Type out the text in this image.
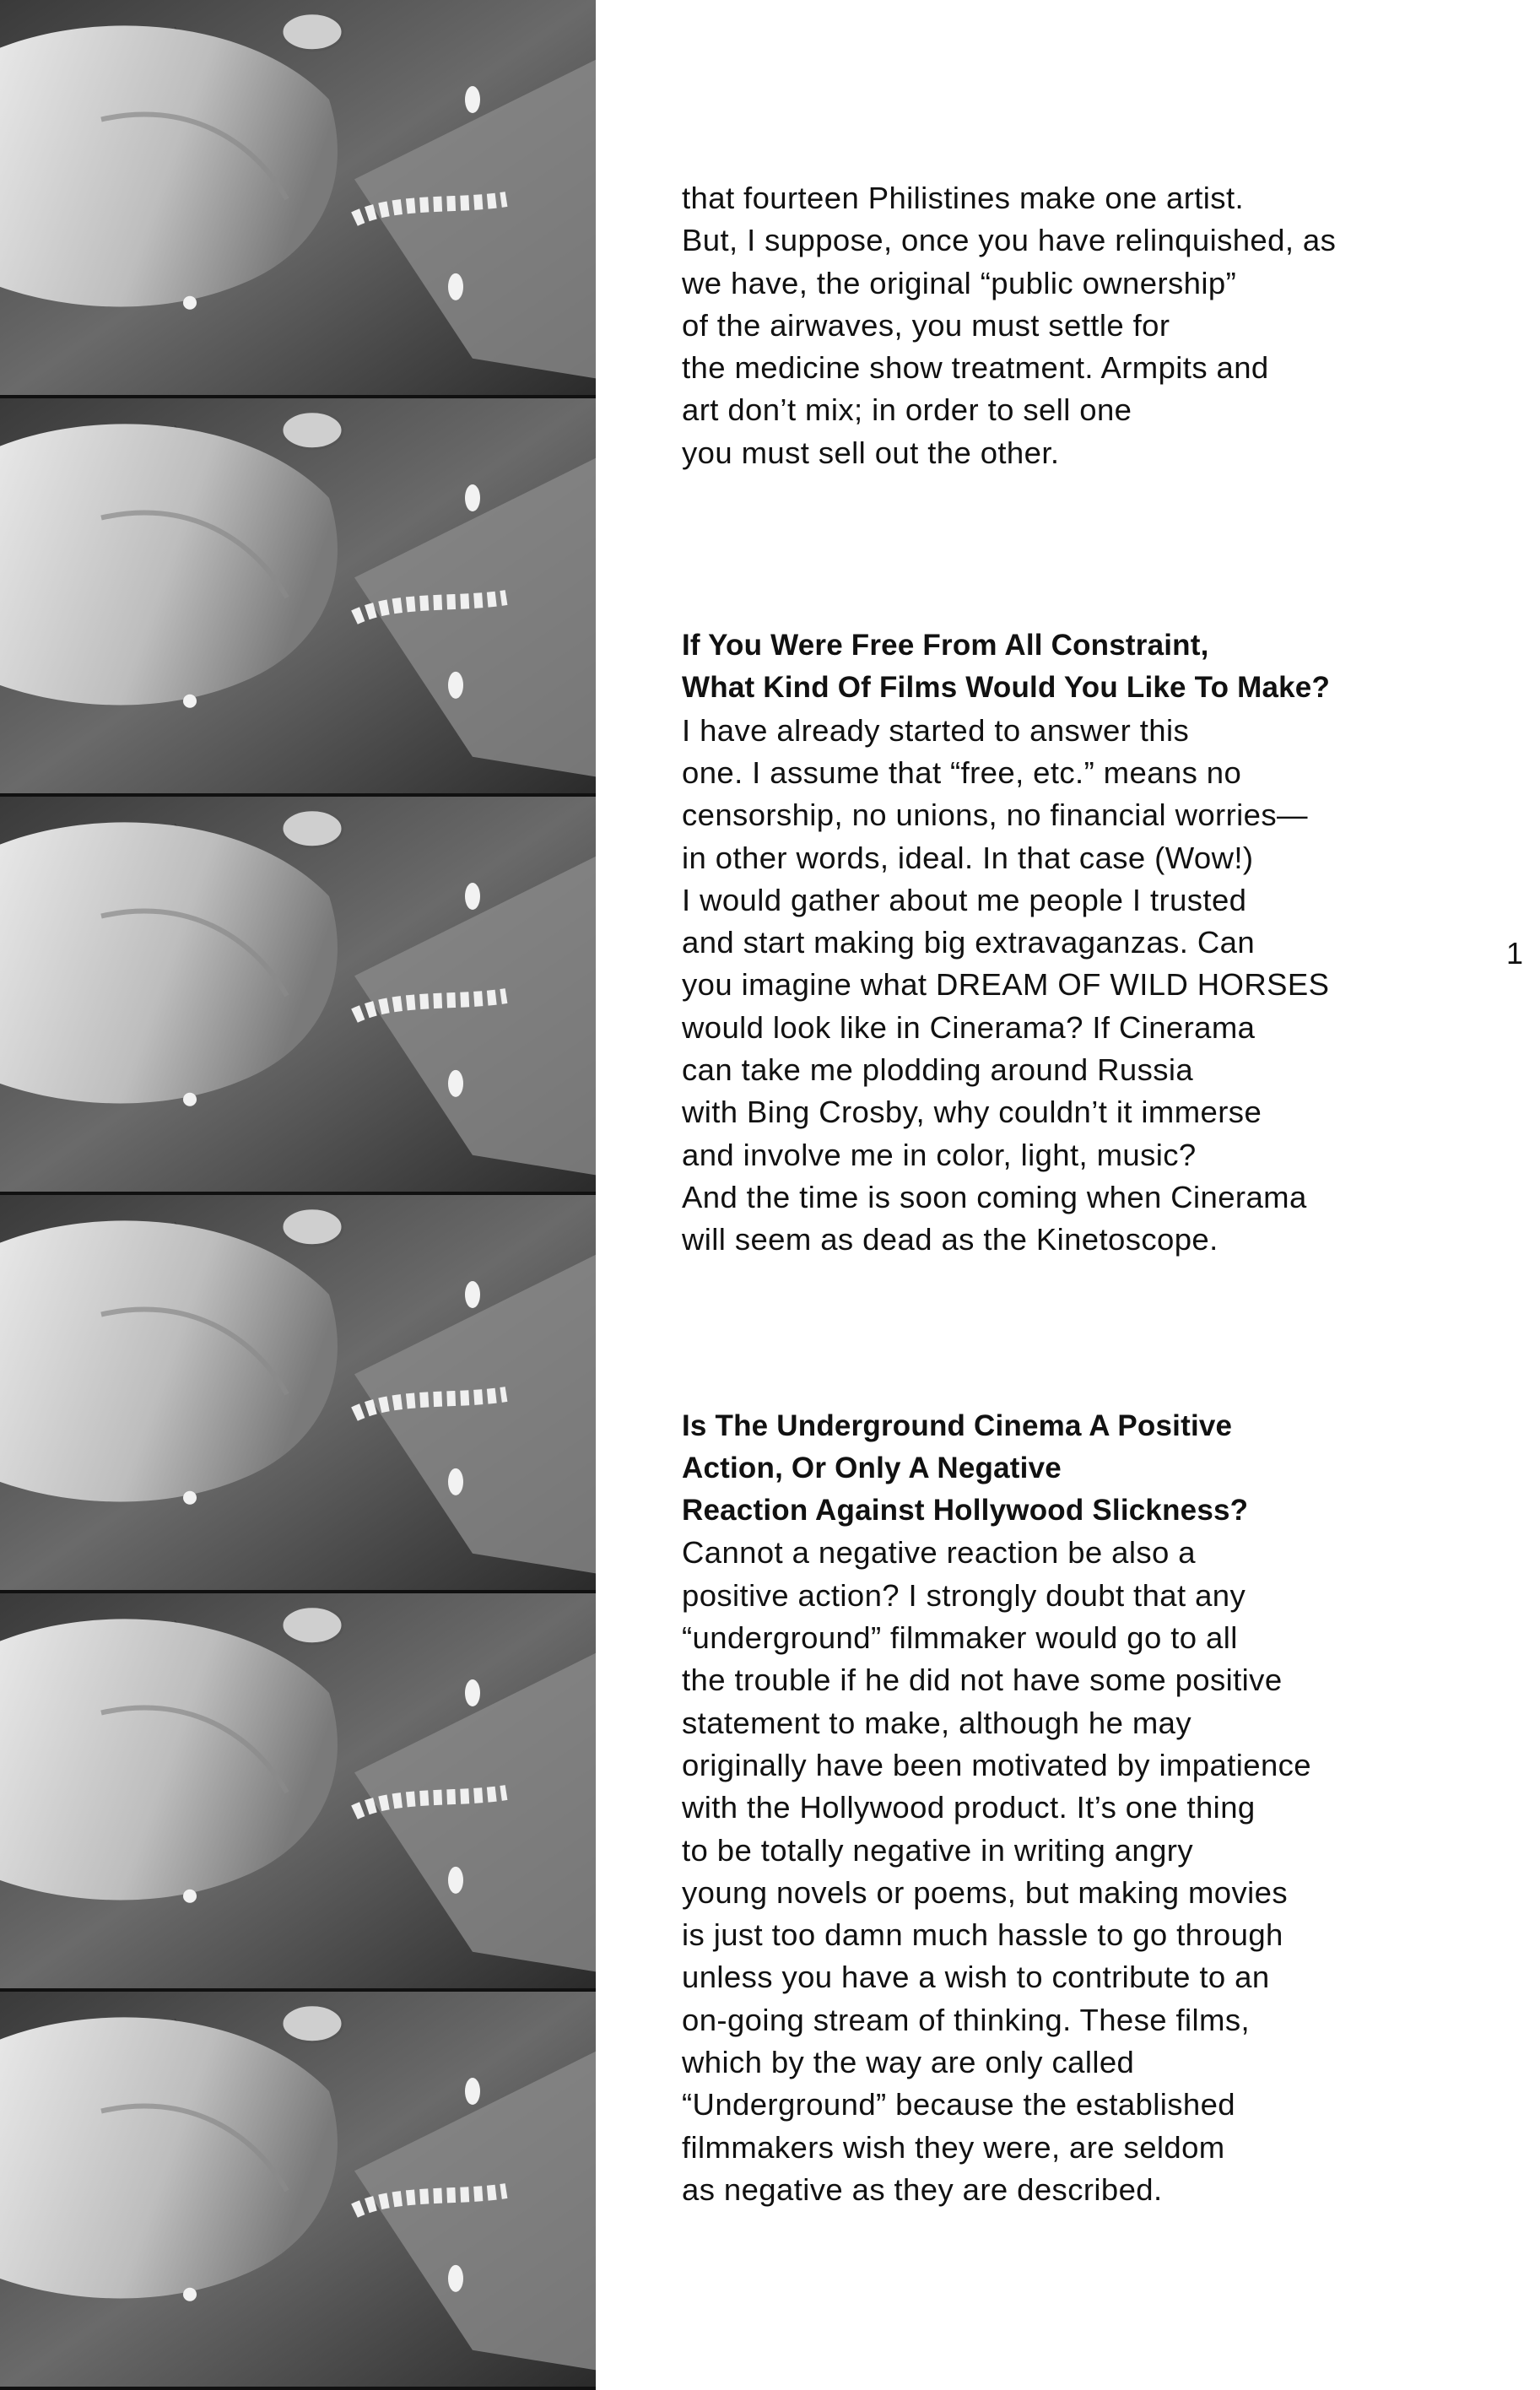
that fourteen Philistines make one artist.
But, I suppose, once you have relinquished, as
we have, the original “public ownership”
of the airwaves, you must settle for
the medicine show treatment. Armpits and
art don’t mix; in order to sell one
you must sell out the other.

If You Were Free From All Constraint,
What Kind Of Films Would You Like To Make?

I have already started to answer this
one. I assume that “free, etc.” means no
censorship, no unions, no financial worries—
in other words, ideal. In that case (Wow!)
I would gather about me people I trusted
and start making big extravaganzas. Can
you imagine what DREAM OF WILD HORSES
would look like in Cinerama? If Cinerama
can take me plodding around Russia
with Bing Crosby, why couldn’t it immerse
and involve me in color, light, music?
And the time is soon coming when Cinerama
will seem as dead as the Kinetoscope.

Is The Underground Cinema A Positive
Action, Or Only A Negative
Reaction Against Hollywood Slickness?

Cannot a negative reaction be also a
positive action? I strongly doubt that any
“underground” filmmaker would go to all
the trouble if he did not have some positive
statement to make, although he may
originally have been motivated by impatience
with the Hollywood product. It’s one thing
to be totally negative in writing angry
young novels or poems, but making movies
is just too damn much hassle to go through
unless you have a wish to contribute to an
on-going stream of thinking. These films,
which by the way are only called
“Underground” because the established
filmmakers wish they were, are seldom
as negative as they are described.

1
